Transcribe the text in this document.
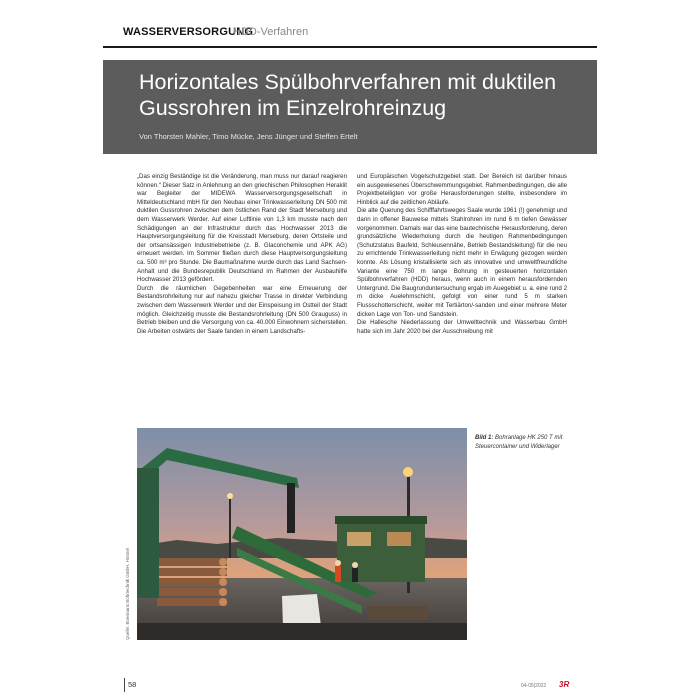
WASSERVERSORGUNG
HDD-Verfahren
Horizontales Spülbohrverfahren mit duktilen Gussrohren im Einzelrohreinzug
Von Thorsten Mahler, Timo Mücke, Jens Jünger und Steffen Ertelt

„Das einzig Beständige ist die Veränderung, man muss nur darauf reagieren können.“ Dieser Satz in Anlehnung an den griechischen Philosophen Heraklit war Begleiter der MIDEWA Wasserversorgungsgesellschaft in Mitteldeutschland mbH für den Neubau einer Trinkwasserleitung DN 500 mit duktilen Gussrohren zwischen dem östlichen Rand der Stadt Merseburg und dem Wasserwerk Werder. Auf einer Luftlinie von 1,3 km musste nach den Schädigungen an der Infrastruktur durch das Hochwasser 2013 die Hauptversorgungsleitung für die Kreisstadt Merseburg, deren Ortsteile und der ortsansässigen Industriebetriebe (z. B. Glaconchemie und APK AG) erneuert werden. Im Sommer fließen durch diese Hauptversorgungsleitung ca. 500 m³ pro Stunde. Die Baumaßnahme wurde durch das Land Sachsen-Anhalt und die Bundesrepublik Deutschland im Rahmen der Ausbauhilfe Hochwasser 2013 gefördert.

Durch die räumlichen Gegebenheiten war eine Erneuerung der Bestandsrohrleitung nur auf nahezu gleicher Trasse in direkter Verbindung zwischen dem Wasserwerk Werder und der Einspeisung im Ostteil der Stadt möglich. Gleichzeitig musste die Bestandsrohrleitung (DN 500 Grauguss) in Betrieb bleiben und die Versorgung von ca. 40.000 Einwohnern sicherstellen. Die Arbeiten ostwärts der Saale fanden in einem Landschafts-

und Europäischen Vogelschutzgebiet statt. Der Bereich ist darüber hinaus ein ausgewiesenes Überschwemmungsgebiet. Rahmenbedingungen, die alle Projektbeteiligten vor große Herausforderungen stellte, insbesondere im Hinblick auf die zeitlichen Abläufe.

Die alte Querung des Schifffahrtsweges Saale wurde 1961 (!) genehmigt und dann in offener Bauweise mittels Stahlrohren im rund 6 m tiefen Gewässer vorgenommen. Damals war das eine bautechnische Herausforderung, deren grundsätzliche Wiederholung durch die heutigen Rahmenbedingungen (Schutzstatus Baufeld, Schleusennähe, Betrieb Bestandsleitung) für die neu zu errichtende Trinkwasserleitung nicht mehr in Erwägung gezogen werden konnte. Als Lösung kristallisierte sich als innovative und umweltfreundliche Variante eine 750 m lange Bohrung in gesteuerten horizontalen Spülbohrverfahren (HDD) heraus, wenn auch in einem herausfordernden Untergrund. Die Baugrunduntersuchung ergab im Auegebiet u. a. eine rund 2 m dicke Auelehmschicht, gefolgt von einer rund 5 m starken Flussschotterschicht, weiter mit Tertiärton/-sanden und einer mehrere Meter dicken Lage von Ton- und Sandstein.

Die Hallesche Niederlassung der Umwelttechnik und Wasserbau GmbH hatte sich im Jahr 2020 bei der Ausschreibung mit

Quelle: Boermans Bohrtechnik GmbH, Hörstel
Bild 1: Bohranlage HK 250 T mit Steuercontainer und Widerlager
58	04-05|2022 3R
